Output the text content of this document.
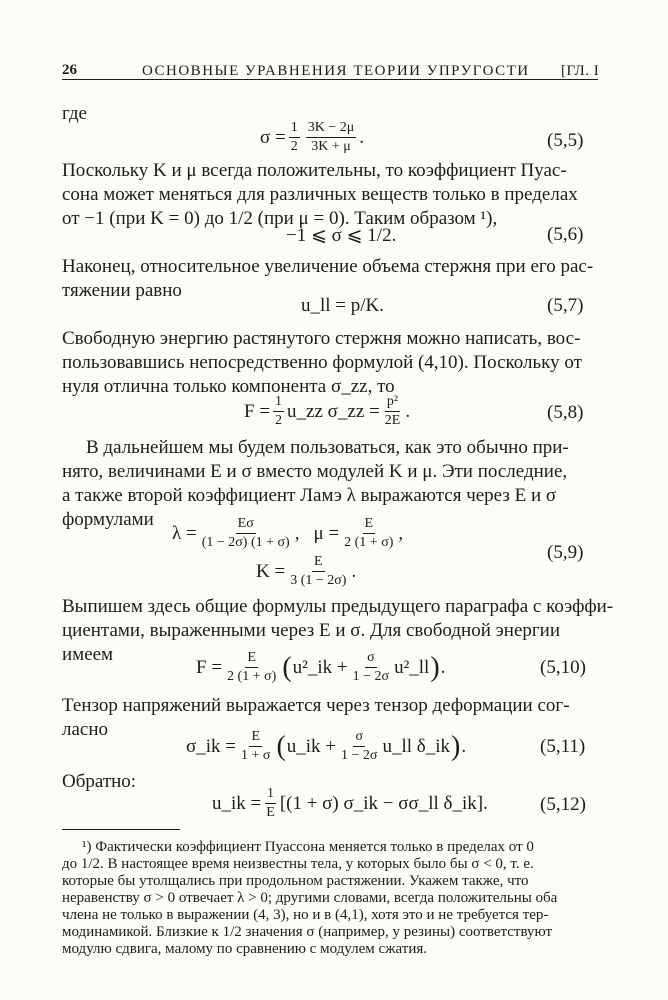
26	ОСНОВНЫЕ УРАВНЕНИЯ ТЕОРИИ УПРУГОСТИ [ГЛ. I
где
$\sigma = \frac{1}{2} \frac{3K - 2\mu}{3K + \mu}$ .	(5,5)
Поскольку K и μ всегда положительны, то коэффициент Пуас-
сона может меняться для различных веществ только в пределах
от −1 (при K = 0) до 1/2 (при μ = 0). Таким образом ¹),
−1 ⩽ σ ⩽ 1/2.	(5,6)
Наконец, относительное увеличение объема стержня при его рас-
тяжении равно
u_ll = p/K.	(5,7)
Свободную энергию растянутого стержня можно написать, вос-
пользовавшись непосредственно формулой (4,10). Поскольку от
нуля отлична только компонента σ_zz, то
$F = \frac{1}{2}$ u_zz σ_zz = $\frac{\text{p²}}{2E}$ .	(5,8)
В дальнейшем мы будем пользоваться, как это обычно при-
нято, величинами E и σ вместо модулей K и μ. Эти последние,
а также второй коэффициент Ламэ λ выражаются через E и σ
формулами
$\lambda = \frac{E\sigma}{(1 - 2\sigma) (1 + \sigma)}$ , $\mu = \frac{E}{2 (1 + \sigma)}$ ,
$K = \frac{E}{3 (1 - 2\sigma)}$ .
(5,9)
Выпишем здесь общие формулы предыдущего параграфа с коэффи-
циентами, выраженными через E и σ. Для свободной энергии
имеем
$F = \frac{E}{2 (1 + \sigma)}$ ( u²_ik + $\frac{\sigma}{1 - 2\sigma}$ u²_ll ) .	(5,10)
Тензор напряжений выражается через тензор деформации сог-
ласно
σ_ik = $\frac{E}{1 + \sigma}$ ( u_ik + $\frac{\sigma}{1 - 2\sigma}$ u_ll δ_ik ) .	(5,11)
Обратно:
u_ik = $\frac{1}{E} [(1 + \sigma)$ σ_ik − σσ_ll δ_ik].	(5,12)
¹) Фактически коэффициент Пуассона меняется только в пределах от 0
до 1/2. В настоящее время неизвестны тела, у которых было бы σ < 0, т. е.
которые бы утолщались при продольном растяжении. Укажем также, что
неравенству σ > 0 отвечает λ > 0; другими словами, всегда положительны оба
члена не только в выражении (4, 3), но и в (4,1), хотя это и не требуется тер-
модинамикой. Близкие к 1/2 значения σ (например, у резины) соответствуют
модулю сдвига, малому по сравнению с модулем сжатия.
